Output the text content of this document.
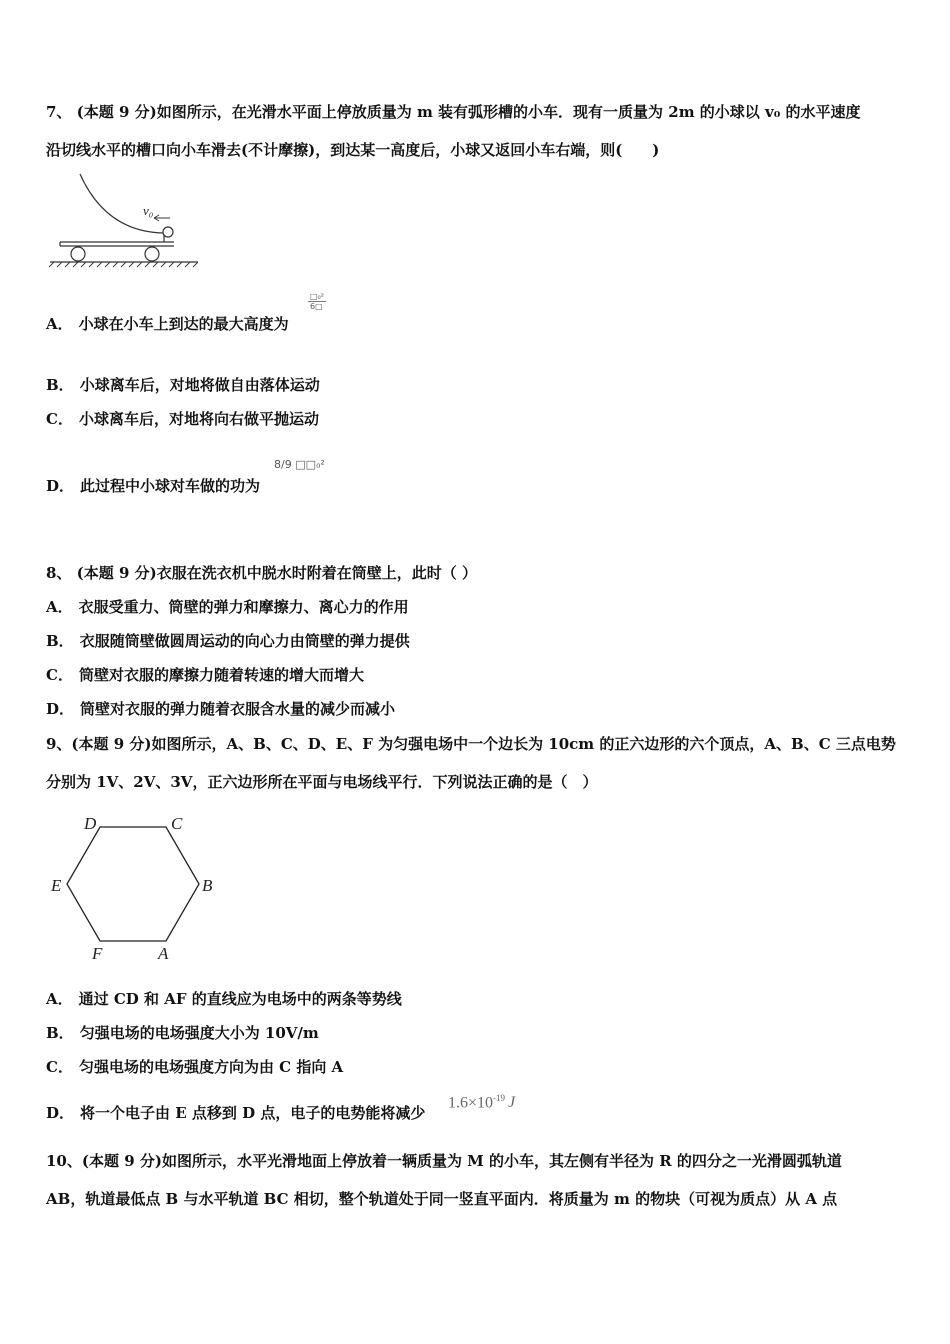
7、 (本题 9 分)如图所示，在光滑水平面上停放质量为 m 装有弧形槽的小车．现有一质量为 2m 的小球以 v₀ 的水平速度
沿切线水平的槽口向小车滑去(不计摩擦)，到达某一高度后，小球又返回小车右端，则(　　)
v₀
A． 小球在小车上到达的最大高度为
□₀²
6□
B． 小球离车后，对地将做自由落体运动
C． 小球离车后，对地将向右做平抛运动
D． 此过程中小球对车做的功为
8/9 □□₀²
8、 (本题 9 分)衣服在洗衣机中脱水时附着在筒壁上，此时（ ）
A． 衣服受重力、筒壁的弹力和摩擦力、离心力的作用
B． 衣服随筒壁做圆周运动的向心力由筒壁的弹力提供
C． 筒壁对衣服的摩擦力随着转速的增大而增大
D． 筒壁对衣服的弹力随着衣服含水量的减少而减小
9、(本题 9 分)如图所示，A、B、C、D、E、F 为匀强电场中一个边长为 10cm 的正六边形的六个顶点，A、B、C 三点电势
分别为 1V、2V、3V，正六边形所在平面与电场线平行．下列说法正确的是（　）
D	C
E	B
F	A
A． 通过 CD 和 AF 的直线应为电场中的两条等势线
B． 匀强电场的电场强度大小为 10V/m
C． 匀强电场的电场强度方向为由 C 指向 A
D． 将一个电子由 E 点移到 D 点，电子的电势能将减少
$1.6\times 10^{-19}$ J
10、(本题 9 分)如图所示，水平光滑地面上停放着一辆质量为 M 的小车，其左侧有半径为 R 的四分之一光滑圆弧轨道
AB，轨道最低点 B 与水平轨道 BC 相切，整个轨道处于同一竖直平面内．将质量为 m 的物块（可视为质点）从 A 点
